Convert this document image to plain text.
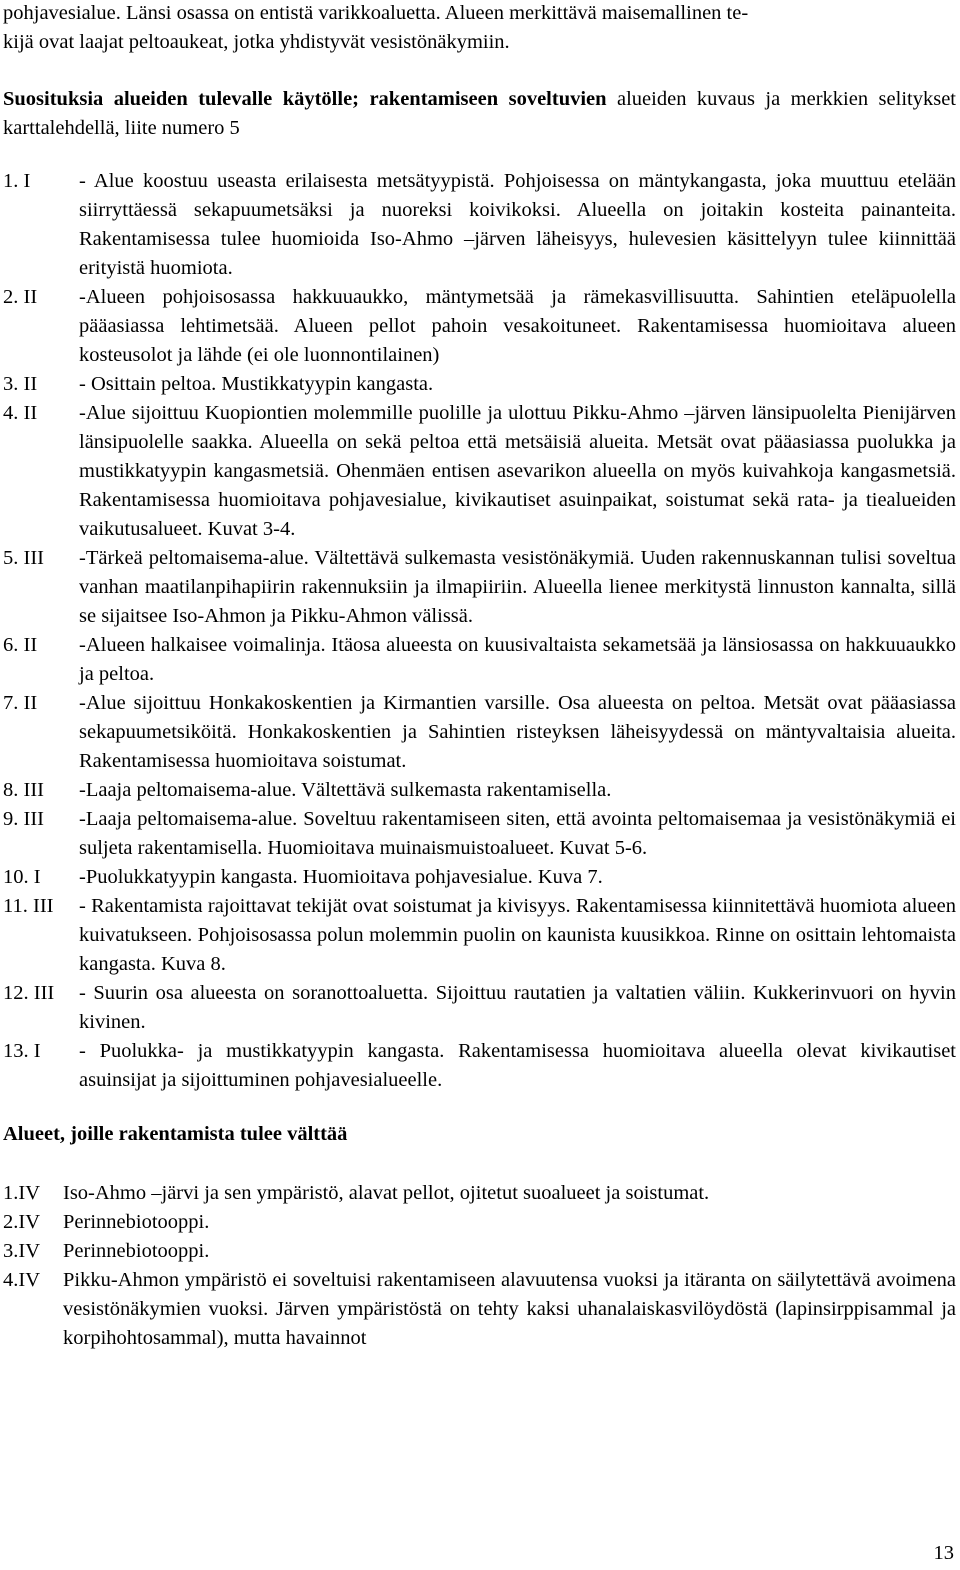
pohjavesialue. Länsi osassa on entistä varikkoaluetta. Alueen merkittävä maisemallinen te-
kijä ovat laajat peltoaukeat, jotka yhdistyvät vesistönäkymiin.

Suosituksia alueiden tulevalle käytölle; rakentamiseen soveltuvien alueiden kuvaus ja merkkien selitykset karttalehdellä, liite numero 5

1. I - Alue koostuu useasta erilaisesta metsätyypistä. Pohjoisessa on mäntykangasta, joka muuttuu etelään siirryttäessä sekapuumetsäksi ja nuoreksi koivikoksi. Alueella on joitakin kosteita painanteita. Rakentamisessa tulee huomioida Iso-Ahmo –järven läheisyys, hulevesien käsittelyyn tulee kiinnittää erityistä huomiota.
2. II -Alueen pohjoisosassa hakkuuaukko, mäntymetsää ja rämekasvillisuutta. Sahintien eteläpuolella pääasiassa lehtimetsää. Alueen pellot pahoin vesakoituneet. Rakentamisessa huomioitava alueen kosteusolot ja lähde (ei ole luonnontilainen)
3. II - Osittain peltoa. Mustikkatyypin kangasta.
4. II -Alue sijoittuu Kuopiontien molemmille puolille ja ulottuu Pikku-Ahmo –järven länsipuolelta Pienijärven länsipuolelle saakka. Alueella on sekä peltoa että metsäisiä alueita. Metsät ovat pääasiassa puolukka ja mustikkatyypin kangasmetsiä. Ohenmäen entisen asevarikon alueella on myös kuivahkoja kangasmetsiä. Rakentamisessa huomioitava pohjavesialue, kivikautiset asuinpaikat, soistumat sekä rata- ja tiealueiden vaikutusalueet. Kuvat 3-4.
5. III -Tärkeä peltomaisema-alue. Vältettävä sulkemasta vesistönäkymiä. Uuden rakennuskannan tulisi soveltua vanhan maatilanpihapiirin rakennuksiin ja ilmapiiriin. Alueella lienee merkitystä linnuston kannalta, sillä se sijaitsee Iso-Ahmon ja Pikku-Ahmon välissä.
6. II -Alueen halkaisee voimalinja. Itäosa alueesta on kuusivaltaista sekametsää ja länsiosassa on hakkuuaukko ja peltoa.
7. II -Alue sijoittuu Honkakoskentien ja Kirmantien varsille. Osa alueesta on peltoa. Metsät ovat pääasiassa sekapuumetsiköitä. Honkakoskentien ja Sahintien risteyksen läheisyydessä on mäntyvaltaisia alueita. Rakentamisessa huomioitava soistumat.
8. III -Laaja peltomaisema-alue. Vältettävä sulkemasta rakentamisella.
9. III -Laaja peltomaisema-alue. Soveltuu rakentamiseen siten, että avointa peltomaisemaa ja vesistönäkymiä ei suljeta rakentamisella. Huomioitava muinaismuistoalueet. Kuvat 5-6.
10. I -Puolukkatyypin kangasta. Huomioitava pohjavesialue. Kuva 7.
11. III - Rakentamista rajoittavat tekijät ovat soistumat ja kivisyys. Rakentamisessa kiinnitettävä huomiota alueen kuivatukseen. Pohjoisosassa polun molemmin puolin on kaunista kuusikkoa. Rinne on osittain lehtomaista kangasta. Kuva 8.
12. III - Suurin osa alueesta on soranottoaluetta. Sijoittuu rautatien ja valtatien väliin. Kukkerinvuori on hyvin kivinen.
13. I - Puolukka- ja mustikkatyypin kangasta. Rakentamisessa huomioitava alueella olevat kivikautiset asuinsijat ja sijoittuminen pohjavesialueelle.

Alueet, joille rakentamista tulee välttää

1.IV Iso-Ahmo –järvi ja sen ympäristö, alavat pellot, ojitetut suoalueet ja soistumat.
2.IV Perinnebiotooppi.
3.IV Perinnebiotooppi.
4.IV Pikku-Ahmon ympäristö ei soveltuisi rakentamiseen alavuutensa vuoksi ja itäranta on säilytettävä avoimena vesistönäkymien vuoksi. Järven ympäristöstä on tehty kaksi uhanalaiskasvilöydöstä (lapinsirppisammal ja korpihohtosammal), mutta havainnot
13
